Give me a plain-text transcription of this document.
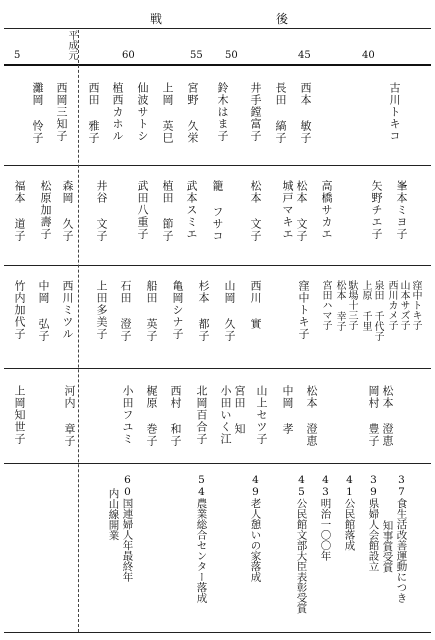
戦	後
平成元
5	60	55 50	45	40
古川トキコ
西本 敏子
長田 縞子
井手鏜富子
鈴木はま子
宮野 久栄
上岡 英巳
仙波サトシ
植西カホル
西田 雅子
西岡三知子
灘岡 怜子
峯本ミヨ子
矢野チエ子
高橋サカエ
松本 文子
城戸マキエ
松本 文子
籠 フサコ
武本スミエ
植田 節子
武田八重子
井谷 文子
森岡 久子
松原加壽子
福本 道子
窪中トキ子
山本サズ子
西川カメ子
泉田 千代子
上原 千里
馱場十三子
松本 幸子
宮田ハマ子
窪中トキ子
西川 實
山岡 久子
杉本 都子
亀岡シナ子
船田 英子
石田 澄子
上田多美子
西川ミツル
中岡 弘子
竹内加代子
松本 澄恵
岡村 豊子
松本 澄恵
中岡 孝
山上セツ子
宮田 知
小田いく江
北岡百合子
西村 和子
梶原 巻子
小田フユミ
河内 章子
上岡知世子
37食生活改善運動につき
知事賞受賞
39県婦人会館設立
41公民館落成
43明治一〇〇年
45公民館文部大臣表彰受賞
49老人憩いの家落成
54農業総合センター落成
60国連婦人年最終年
内山線開業
